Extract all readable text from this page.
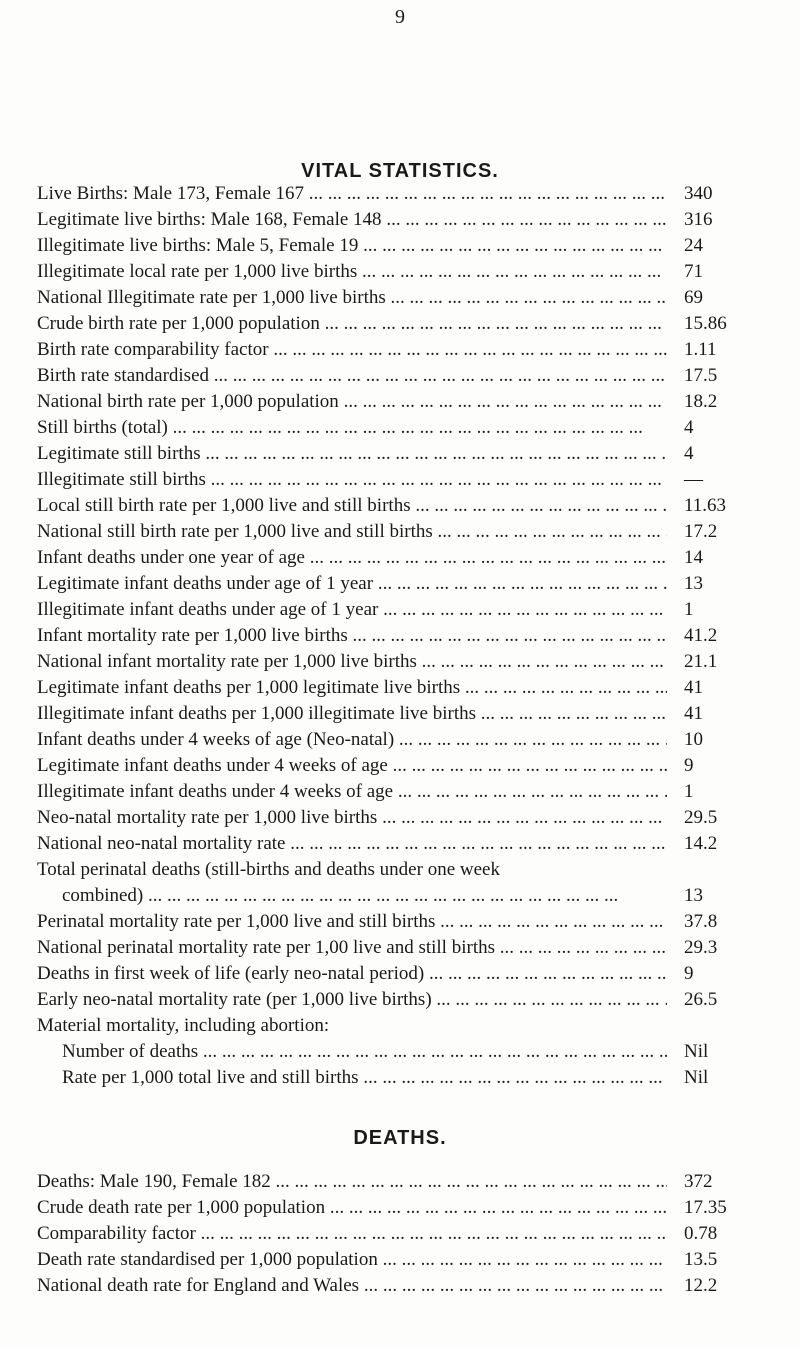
9
VITAL STATISTICS.
Live Births: Male 173, Female 167 ... .	340
Legitimate live births: Male 168, Female 148 ... .	316
Illegitimate live births: Male 5, Female 19 ... .	24
Illegitimate local rate per 1,000 live births ... .	71
National Illegitimate rate per 1,000 live births ... .	69
Crude birth rate per 1,000 population ... .	15.86
Birth rate comparability factor ... .	1.11
Birth rate standardised ... .	17.5
National birth rate per 1,000 population ... .	18.2
Still births (total) ... .	4
Legitimate still births ... .	4
Illegitimate still births ... .	—
Local still birth rate per 1,000 live and still births ... .	11.63
National still birth rate per 1,000 live and still births ... .	17.2
Infant deaths under one year of age ... .	14
Legitimate infant deaths under age of 1 year ... .	13
Illegitimate infant deaths under age of 1 year ... .	1
Infant mortality rate per 1,000 live births ... .	41.2
National infant mortality rate per 1,000 live births ... .	21.1
Legitimate infant deaths per 1,000 legitimate live births ... .	41
Illegitimate infant deaths per 1,000 illegitimate live births ... .	41
Infant deaths under 4 weeks of age (Neo-natal) ... .	10
Legitimate infant deaths under 4 weeks of age ... .	9
Illegitimate infant deaths under 4 weeks of age ... .	1
Neo-natal mortality rate per 1,000 live births ... .	29.5
National neo-natal mortality rate ... .	14.2
Total perinatal deaths (still-births and deaths under one week
combined) ... .	13
Perinatal mortality rate per 1,000 live and still births ... .	37.8
National perinatal mortality rate per 1,00 live and still births ... .	29.3
Deaths in first week of life (early neo-natal period) ... .	9
Early neo-natal mortality rate (per 1,000 live births) ... .	26.5
Material mortality, including abortion:
Number of deaths ... .	Nil
Rate per 1,000 total live and still births ... .	Nil
DEATHS.
Deaths: Male 190, Female 182 ... .	372
Crude death rate per 1,000 population ... .	17.35
Comparability factor ... .	0.78
Death rate standardised per 1,000 population ... .	13.5
National death rate for England and Wales ... .	12.2
